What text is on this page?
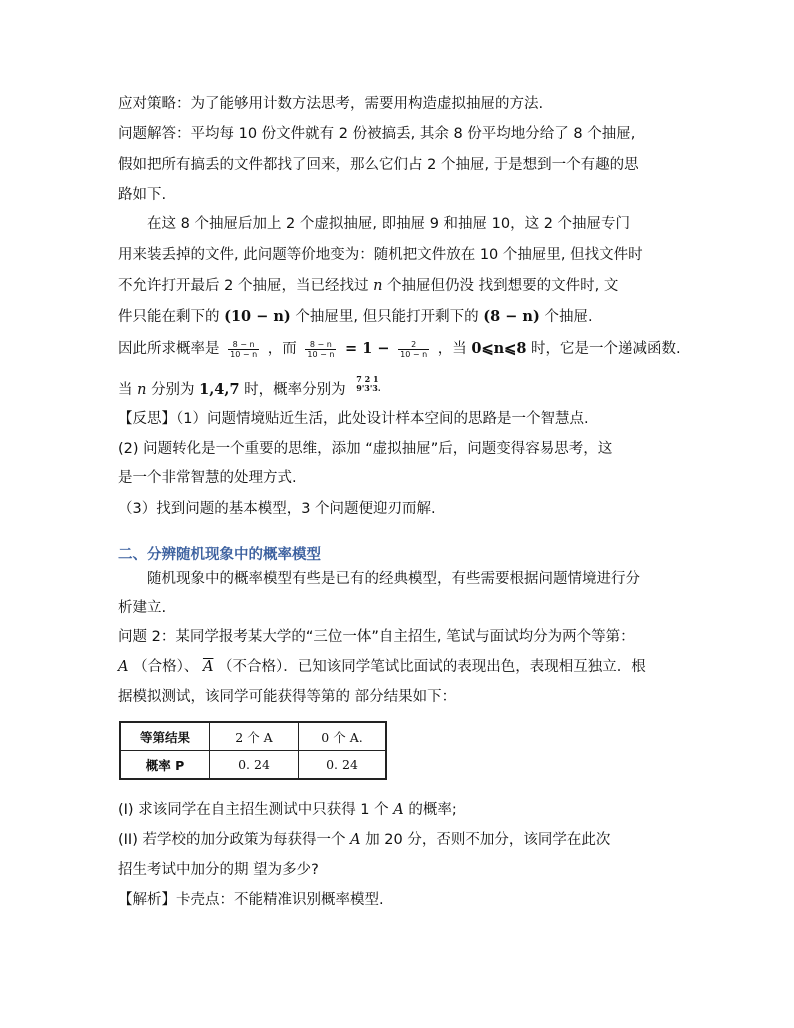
应对策略：为了能够用计数方法思考，需要用构造虚拟抽屉的方法.
问题解答：平均每 10 份文件就有 2 份被搞丢, 其余 8 份平均地分给了 8 个抽屉,
假如把所有搞丢的文件都找了回来，那么它们占 2 个抽屉, 于是想到一个有趣的思
路如下.
在这 8 个抽屉后加上 2 个虚拟抽屉, 即抽屉 9 和抽屉 10，这 2 个抽屉专门
用来装丢掉的文件, 此问题等价地变为：随机把文件放在 10 个抽屉里, 但找文件时
不允许打开最后 2 个抽屉，当已经找过 n 个抽屉但仍没 找到想要的文件时, 文
件只能在剩下的 (10 − n) 个抽屉里, 但只能打开剩下的 (8 − n) 个抽屉.
因此所求概率是 $\frac{8 - n}{10 - n}$ ，而 $\frac{8 - n}{10 - n} = 1 - \frac{2}{10 - n}$ ，当 0⩽n⩽8 时，它是一个递减函数.
当 n 分别为 1,4,7 时，概率分别为 7 2 1
9'3'3.
【反思】（1）问题情境贴近生活，此处设计样本空间的思路是一个智慧点.
(2) 问题转化是一个重要的思维，添加 “虚拟抽屉”后，问题变得容易思考，这
是一个非常智慧的处理方式.
（3）找到问题的基本模型，3 个问题便迎刃而解.
二、分辨随机现象中的概率模型
随机现象中的概率模型有些是已有的经典模型，有些需要根据问题情境进行分
析建立.
问题 2：某同学报考某大学的“三位一体”自主招生, 笔试与面试均分为两个等第：
A （合格）、 $\overline{A}$ （不合格）．已知该同学笔试比面试的表现出色，表现相互独立．根
据模拟测试，该同学可能获得等第的 部分结果如下：
等第结果	2 个 A	0 个 A.
概率 P	0. 24	0. 24
(I) 求该同学在自主招生测试中只获得 1 个 A 的概率;
(II) 若学校的加分政策为每获得一个 A 加 20 分，否则不加分，该同学在此次
招生考试中加分的期 望为多少?
【解析】卡壳点：不能精准识别概率模型.
